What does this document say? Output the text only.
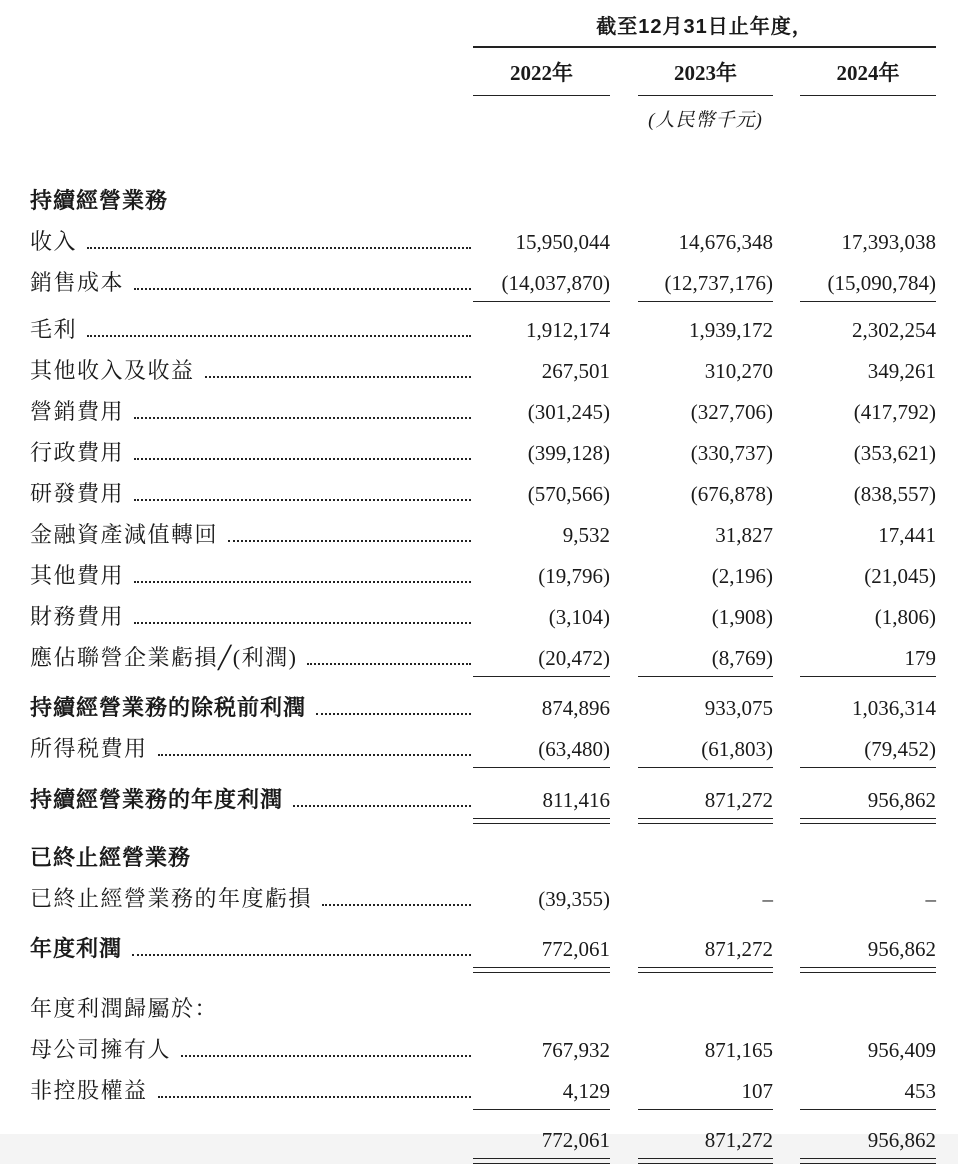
截至12月31日止年度，
2022年	2023年	2024年
(人民幣千元)
持續經營業務
收入	15,950,044	14,676,348	17,393,038
銷售成本	(14,037,870)	(12,737,176)	(15,090,784)
毛利	1,912,174	1,939,172	2,302,254
其他收入及收益	267,501	310,270	349,261
營銷費用	(301,245)	(327,706)	(417,792)
行政費用	(399,128)	(330,737)	(353,621)
研發費用	(570,566)	(676,878)	(838,557)
金融資產減值轉回	9,532	31,827	17,441
其他費用	(19,796)	(2,196)	(21,045)
財務費用	(3,104)	(1,908)	(1,806)
應佔聯營企業虧損╱(利潤)	(20,472)	(8,769)	179
持續經營業務的除税前利潤	874,896	933,075	1,036,314
所得税費用	(63,480)	(61,803)	(79,452)
持續經營業務的年度利潤	811,416	871,272	956,862
已終止經營業務
已終止經營業務的年度虧損	(39,355)	–	–
年度利潤	772,061	871,272	956,862
年度利潤歸屬於：
母公司擁有人	767,932	871,165	956,409
非控股權益	4,129	107	453
772,061	871,272	956,862
